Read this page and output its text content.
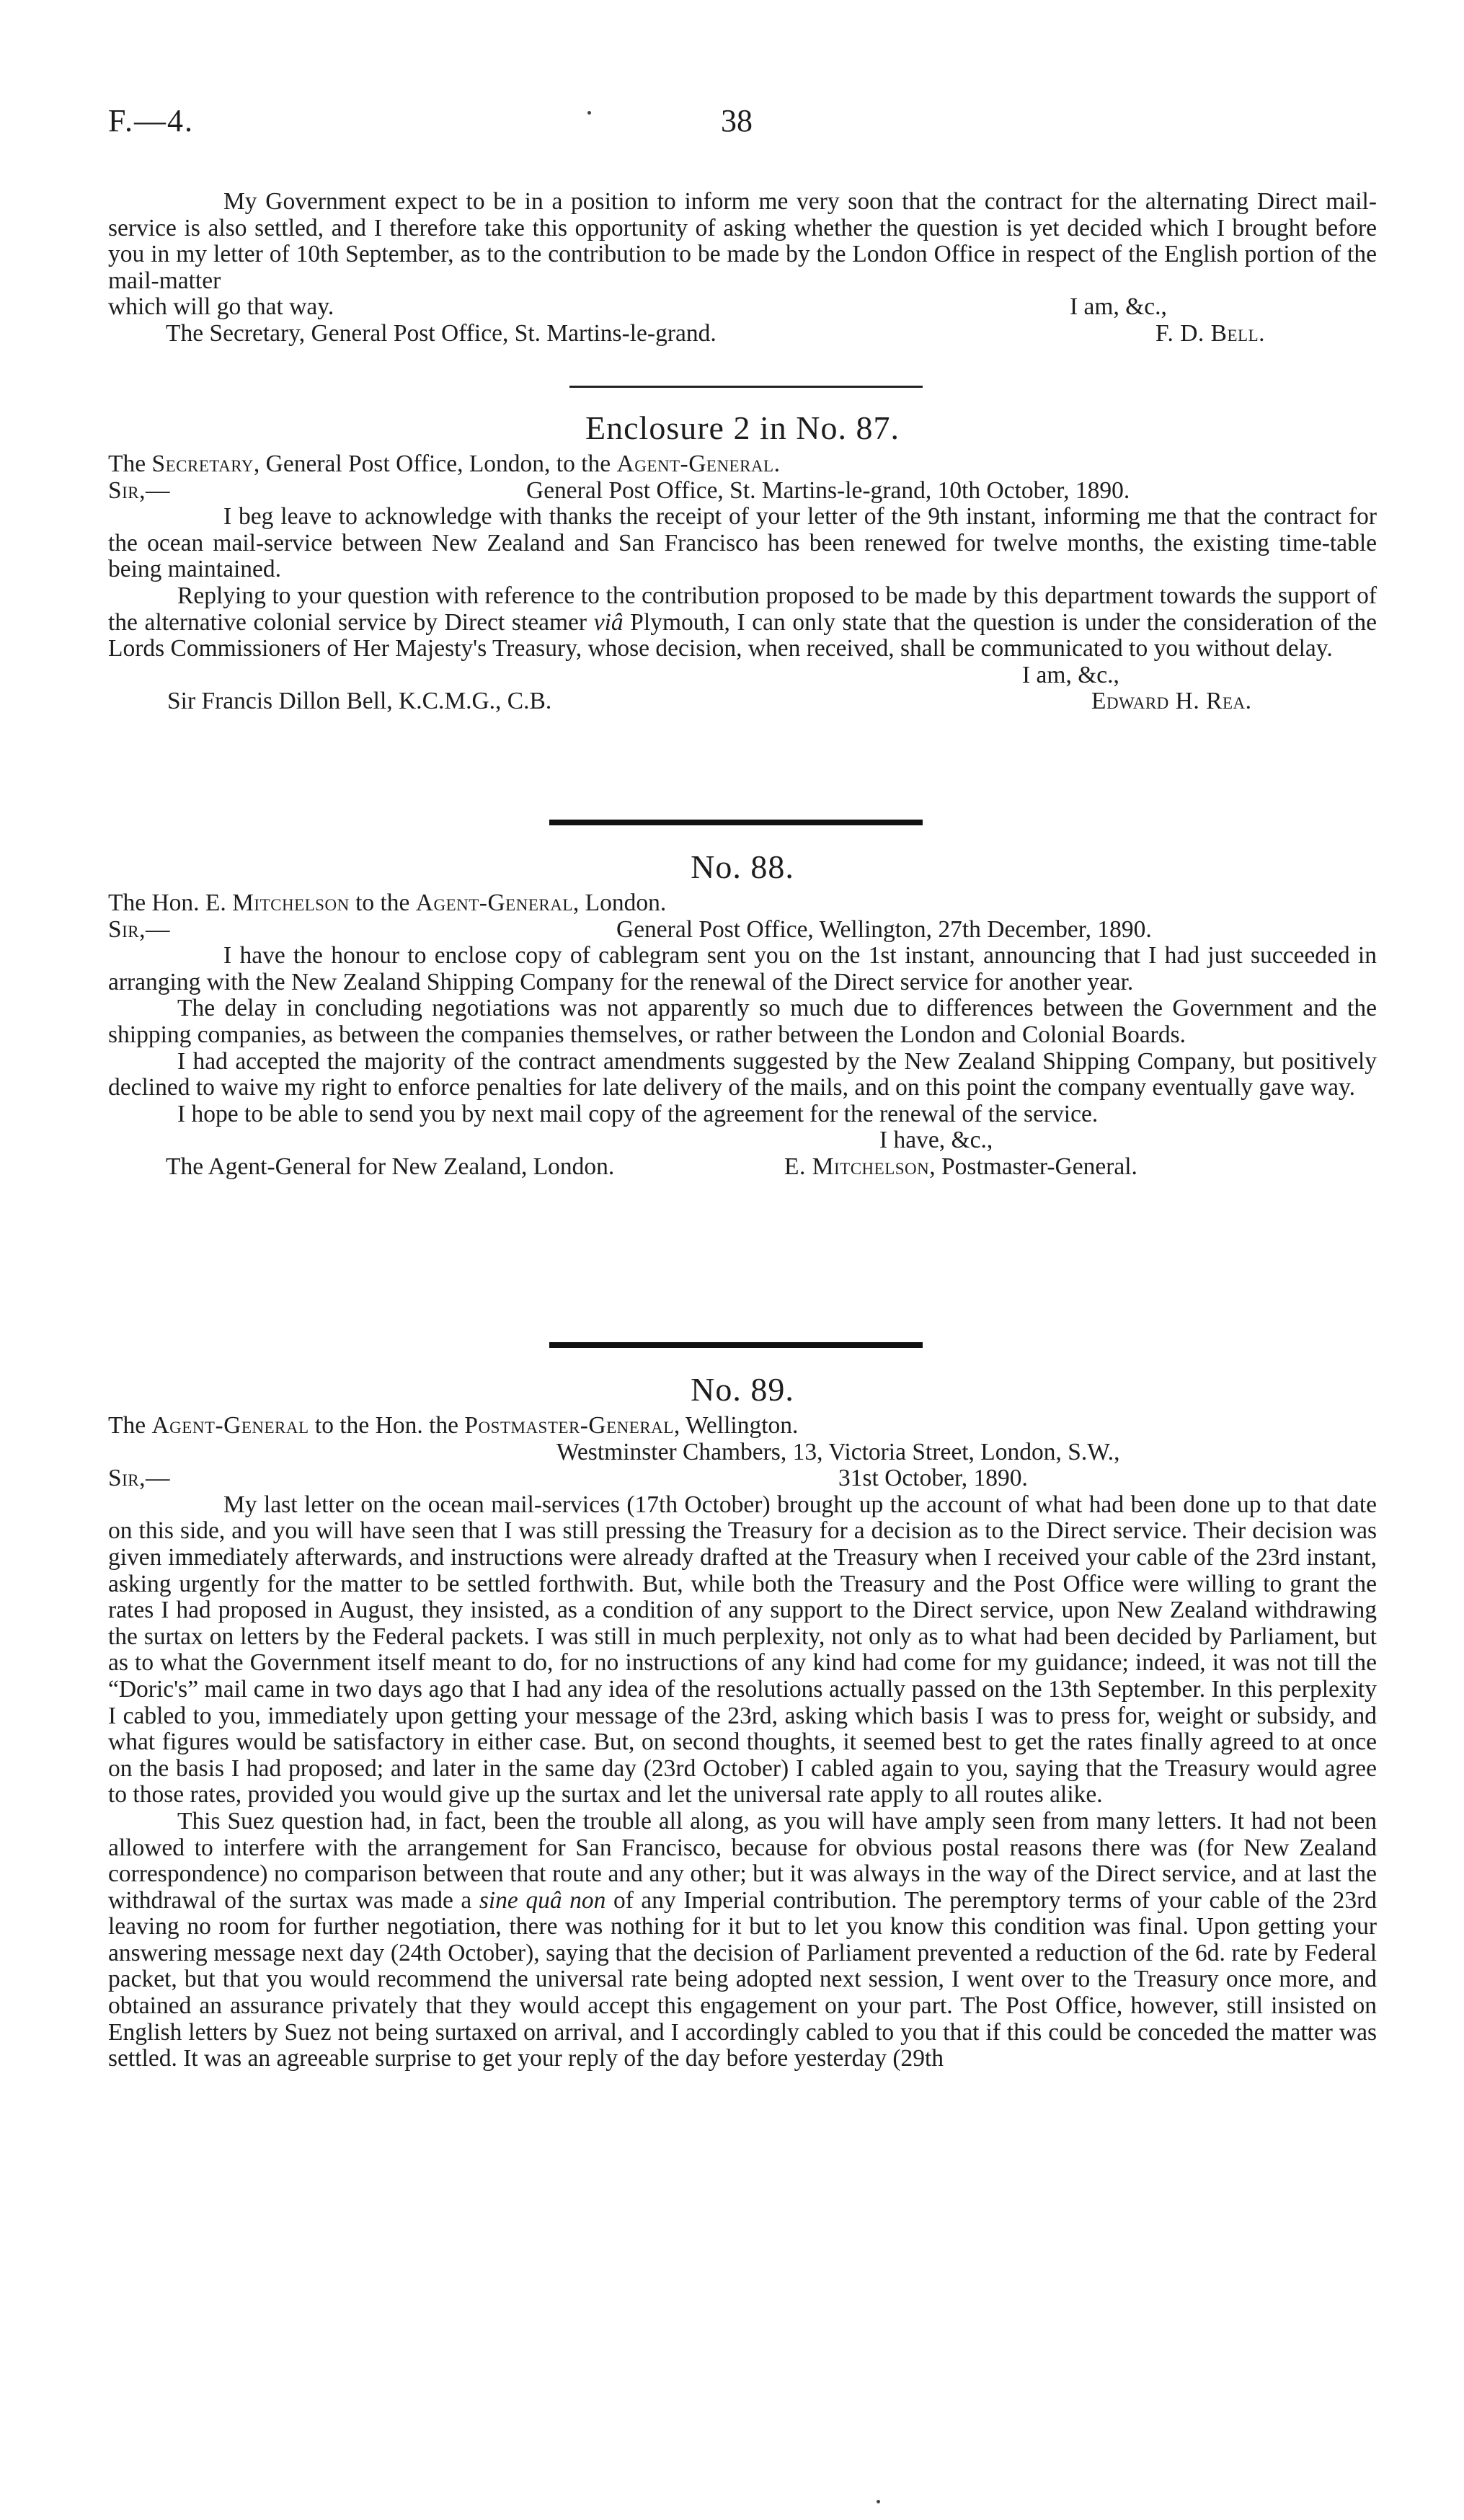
F.—4.	38

My Government expect to be in a position to inform me very soon that the contract for the alternating Direct mail-service is also settled, and I therefore take this opportunity of asking whether the question is yet decided which I brought before you in my letter of 10th September, as to the contribution to be made by the London Office in respect of the English portion of the mail-matter

which will go that way.	I am, &c.,
The Secretary, General Post Office, St. Martins-le-grand.	F. D. Bell.
Enclosure 2 in No. 87.

The Secretary, General Post Office, London, to the Agent-General.

Sir,—	General Post Office, St. Martins-le-grand, 10th October, 1890.

I beg leave to acknowledge with thanks the receipt of your letter of the 9th instant, informing me that the contract for the ocean mail-service between New Zealand and San Francisco has been renewed for twelve months, the existing time-table being maintained.

Replying to your question with reference to the contribution proposed to be made by this department towards the support of the alternative colonial service by Direct steamer viâ Plymouth, I can only state that the question is under the consideration of the Lords Commissioners of Her Majesty's Treasury, whose decision, when received, shall be communicated to you without delay.

I am, &c.,
Sir Francis Dillon Bell, K.C.M.G., C.B.	Edward H. Rea.
No. 88.

The Hon. E. Mitchelson to the Agent-General, London.

Sir,—	General Post Office, Wellington, 27th December, 1890.

I have the honour to enclose copy of cablegram sent you on the 1st instant, announcing that I had just succeeded in arranging with the New Zealand Shipping Company for the renewal of the Direct service for another year.

The delay in concluding negotiations was not apparently so much due to differences between the Government and the shipping companies, as between the companies themselves, or rather between the London and Colonial Boards.

I had accepted the majority of the contract amendments suggested by the New Zealand Shipping Company, but positively declined to waive my right to enforce penalties for late delivery of the mails, and on this point the company eventually gave way.

I hope to be able to send you by next mail copy of the agreement for the renewal of the service.

I have, &c.,
The Agent-General for New Zealand, London.	E. Mitchelson, Postmaster-General.
No. 89.

The Agent-General to the Hon. the Postmaster-General, Wellington.

Westminster Chambers, 13, Victoria Street, London, S.W.,
Sir,—	31st October, 1890.

My last letter on the ocean mail-services (17th October) brought up the account of what had been done up to that date on this side, and you will have seen that I was still pressing the Treasury for a decision as to the Direct service. Their decision was given immediately afterwards, and instructions were already drafted at the Treasury when I received your cable of the 23rd instant, asking urgently for the matter to be settled forthwith. But, while both the Treasury and the Post Office were willing to grant the rates I had proposed in August, they insisted, as a condition of any support to the Direct service, upon New Zealand withdrawing the surtax on letters by the Federal packets. I was still in much perplexity, not only as to what had been decided by Parliament, but as to what the Government itself meant to do, for no instructions of any kind had come for my guidance; indeed, it was not till the “Doric's” mail came in two days ago that I had any idea of the resolutions actually passed on the 13th September. In this perplexity I cabled to you, immediately upon getting your message of the 23rd, asking which basis I was to press for, weight or subsidy, and what figures would be satisfactory in either case. But, on second thoughts, it seemed best to get the rates finally agreed to at once on the basis I had proposed; and later in the same day (23rd October) I cabled again to you, saying that the Treasury would agree to those rates, provided you would give up the surtax and let the universal rate apply to all routes alike.

This Suez question had, in fact, been the trouble all along, as you will have amply seen from many letters. It had not been allowed to interfere with the arrangement for San Francisco, because for obvious postal reasons there was (for New Zealand correspondence) no comparison between that route and any other; but it was always in the way of the Direct service, and at last the withdrawal of the surtax was made a sine quâ non of any Imperial contribution. The peremptory terms of your cable of the 23rd leaving no room for further negotiation, there was nothing for it but to let you know this condition was final. Upon getting your answering message next day (24th October), saying that the decision of Parliament prevented a reduction of the 6d. rate by Federal packet, but that you would recommend the universal rate being adopted next session, I went over to the Treasury once more, and obtained an assurance privately that they would accept this engagement on your part. The Post Office, however, still insisted on English letters by Suez not being surtaxed on arrival, and I accordingly cabled to you that if this could be conceded the matter was settled. It was an agreeable surprise to get your reply of the day before yesterday (29th
